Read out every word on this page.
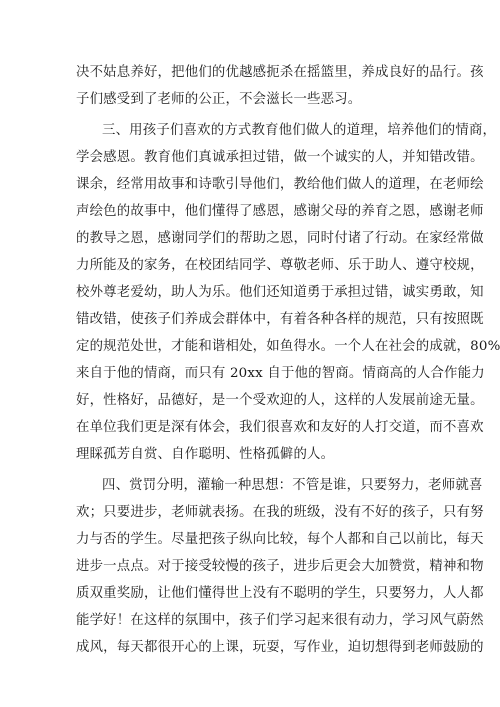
决不姑息养好，把他们的优越感扼杀在摇篮里，养成良好的品行。孩
子们感受到了老师的公正，不会滋长一些恶习。
三、用孩子们喜欢的方式教育他们做人的道理，培养他们的情商，
学会感恩。教育他们真诚承担过错，做一个诚实的人，并知错改错。
课余，经常用故事和诗歌引导他们，教给他们做人的道理，在老师绘
声绘色的故事中，他们懂得了感恩，感谢父母的养育之恩，感谢老师
的教导之恩，感谢同学们的帮助之恩，同时付诸了行动。在家经常做
力所能及的家务，在校团结同学、尊敬老师、乐于助人、遵守校规，
校外尊老爱幼，助人为乐。他们还知道勇于承担过错，诚实勇敢，知
错改错，使孩子们养成会群体中，有着各种各样的规范，只有按照既
定的规范处世，才能和谐相处，如鱼得水。一个人在社会的成就，80%
来自于他的情商，而只有 20xx 自于他的智商。情商高的人合作能力
好，性格好，品德好，是一个受欢迎的人，这样的人发展前途无量。
在单位我们更是深有体会，我们很喜欢和友好的人打交道，而不喜欢
理睬孤芳自赏、自作聪明、性格孤僻的人。
四、赏罚分明，灌输一种思想：不管是谁，只要努力，老师就喜
欢；只要进步，老师就表扬。在我的班级，没有不好的孩子，只有努
力与否的学生。尽量把孩子纵向比较，每个人都和自己以前比，每天
进步一点点。对于接受较慢的孩子，进步后更会大加赞赏，精神和物
质双重奖励，让他们懂得世上没有不聪明的学生，只要努力，人人都
能学好！在这样的氛围中，孩子们学习起来很有动力，学习风气蔚然
成风，每天都很开心的上课，玩耍，写作业，迫切想得到老师鼓励的
